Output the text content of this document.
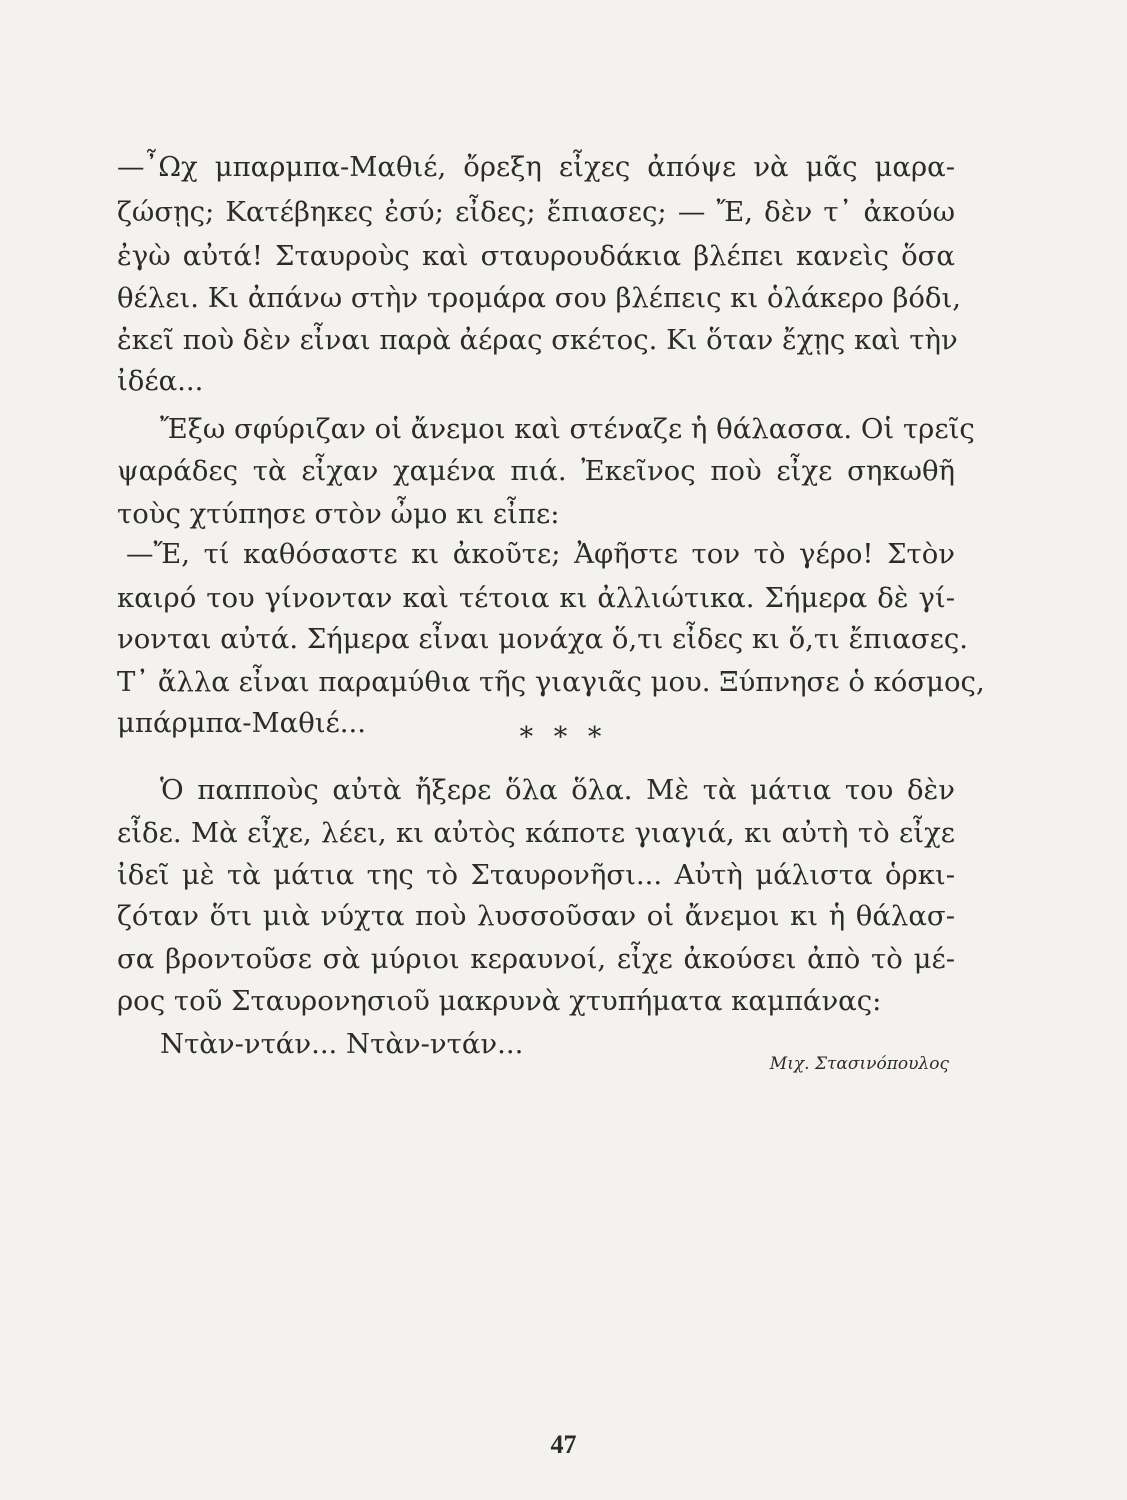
—῏Ωχ μπαρμπα-Μαθιέ, ὄρεξη εἶχες ἀπόψε νὰ μᾶς μαρα-
ζώσῃς; Κατέβηκες ἐσύ; εἶδες; ἔπιασες; — Ἔ, δὲν τ᾿ ἀκούω
ἐγὼ αὐτά! Σταυροὺς καὶ σταυρουδάκια βλέπει κανεὶς ὅσα
θέλει. Κι ἀπάνω στὴν τρομάρα σου βλέπεις κι ὁλάκερο βόδι,
ἐκεῖ ποὺ δὲν εἶναι παρὰ ἀέρας σκέτος. Κι ὅταν ἔχῃς καὶ τὴν
ἰδέα...
Ἔξω σφύριζαν οἱ ἄνεμοι καὶ στέναζε ἡ θάλασσα. Οἱ τρεῖς
ψαράδες τὰ εἶχαν χαμένα πιά. Ἐκεῖνος ποὺ εἶχε σηκωθῆ
τοὺς χτύπησε στὸν ὦμο κι εἶπε:
—Ἔ, τί καθόσαστε κι ἀκοῦτε; Ἀφῆστε τον τὸ γέρο! Στὸν
καιρό του γίνονταν καὶ τέτοια κι ἀλλιώτικα. Σήμερα δὲ γί-
νονται αὐτά. Σήμερα εἶναι μονάχα ὅ,τι εἶδες κι ὅ,τι ἔπιασες.
Τ᾿ ἄλλα εἶναι παραμύθια τῆς γιαγιᾶς μου. Ξύπνησε ὁ κόσμος,
μπάρμπα-Μαθιέ...	* * *
Ὁ παπποὺς αὐτὰ ἤξερε ὅλα ὅλα. Μὲ τὰ μάτια του δὲν
εἶδε. Μὰ εἶχε, λέει, κι αὐτὸς κάποτε γιαγιά, κι αὐτὴ τὸ εἶχε
ἰδεῖ μὲ τὰ μάτια της τὸ Σταυρονῆσι... Αὐτὴ μάλιστα ὁρκι-
ζόταν ὅτι μιὰ νύχτα ποὺ λυσσοῦσαν οἱ ἄνεμοι κι ἡ θάλασ-
σα βροντοῦσε σὰ μύριοι κεραυνοί, εἶχε ἀκούσει ἀπὸ τὸ μέ-
ρος τοῦ Σταυρονησιοῦ μακρυνὰ χτυπήματα καμπάνας:
Ντὰν-ντάν... Ντὰν-ντάν...
Μιχ. Στασινόπουλος
47
